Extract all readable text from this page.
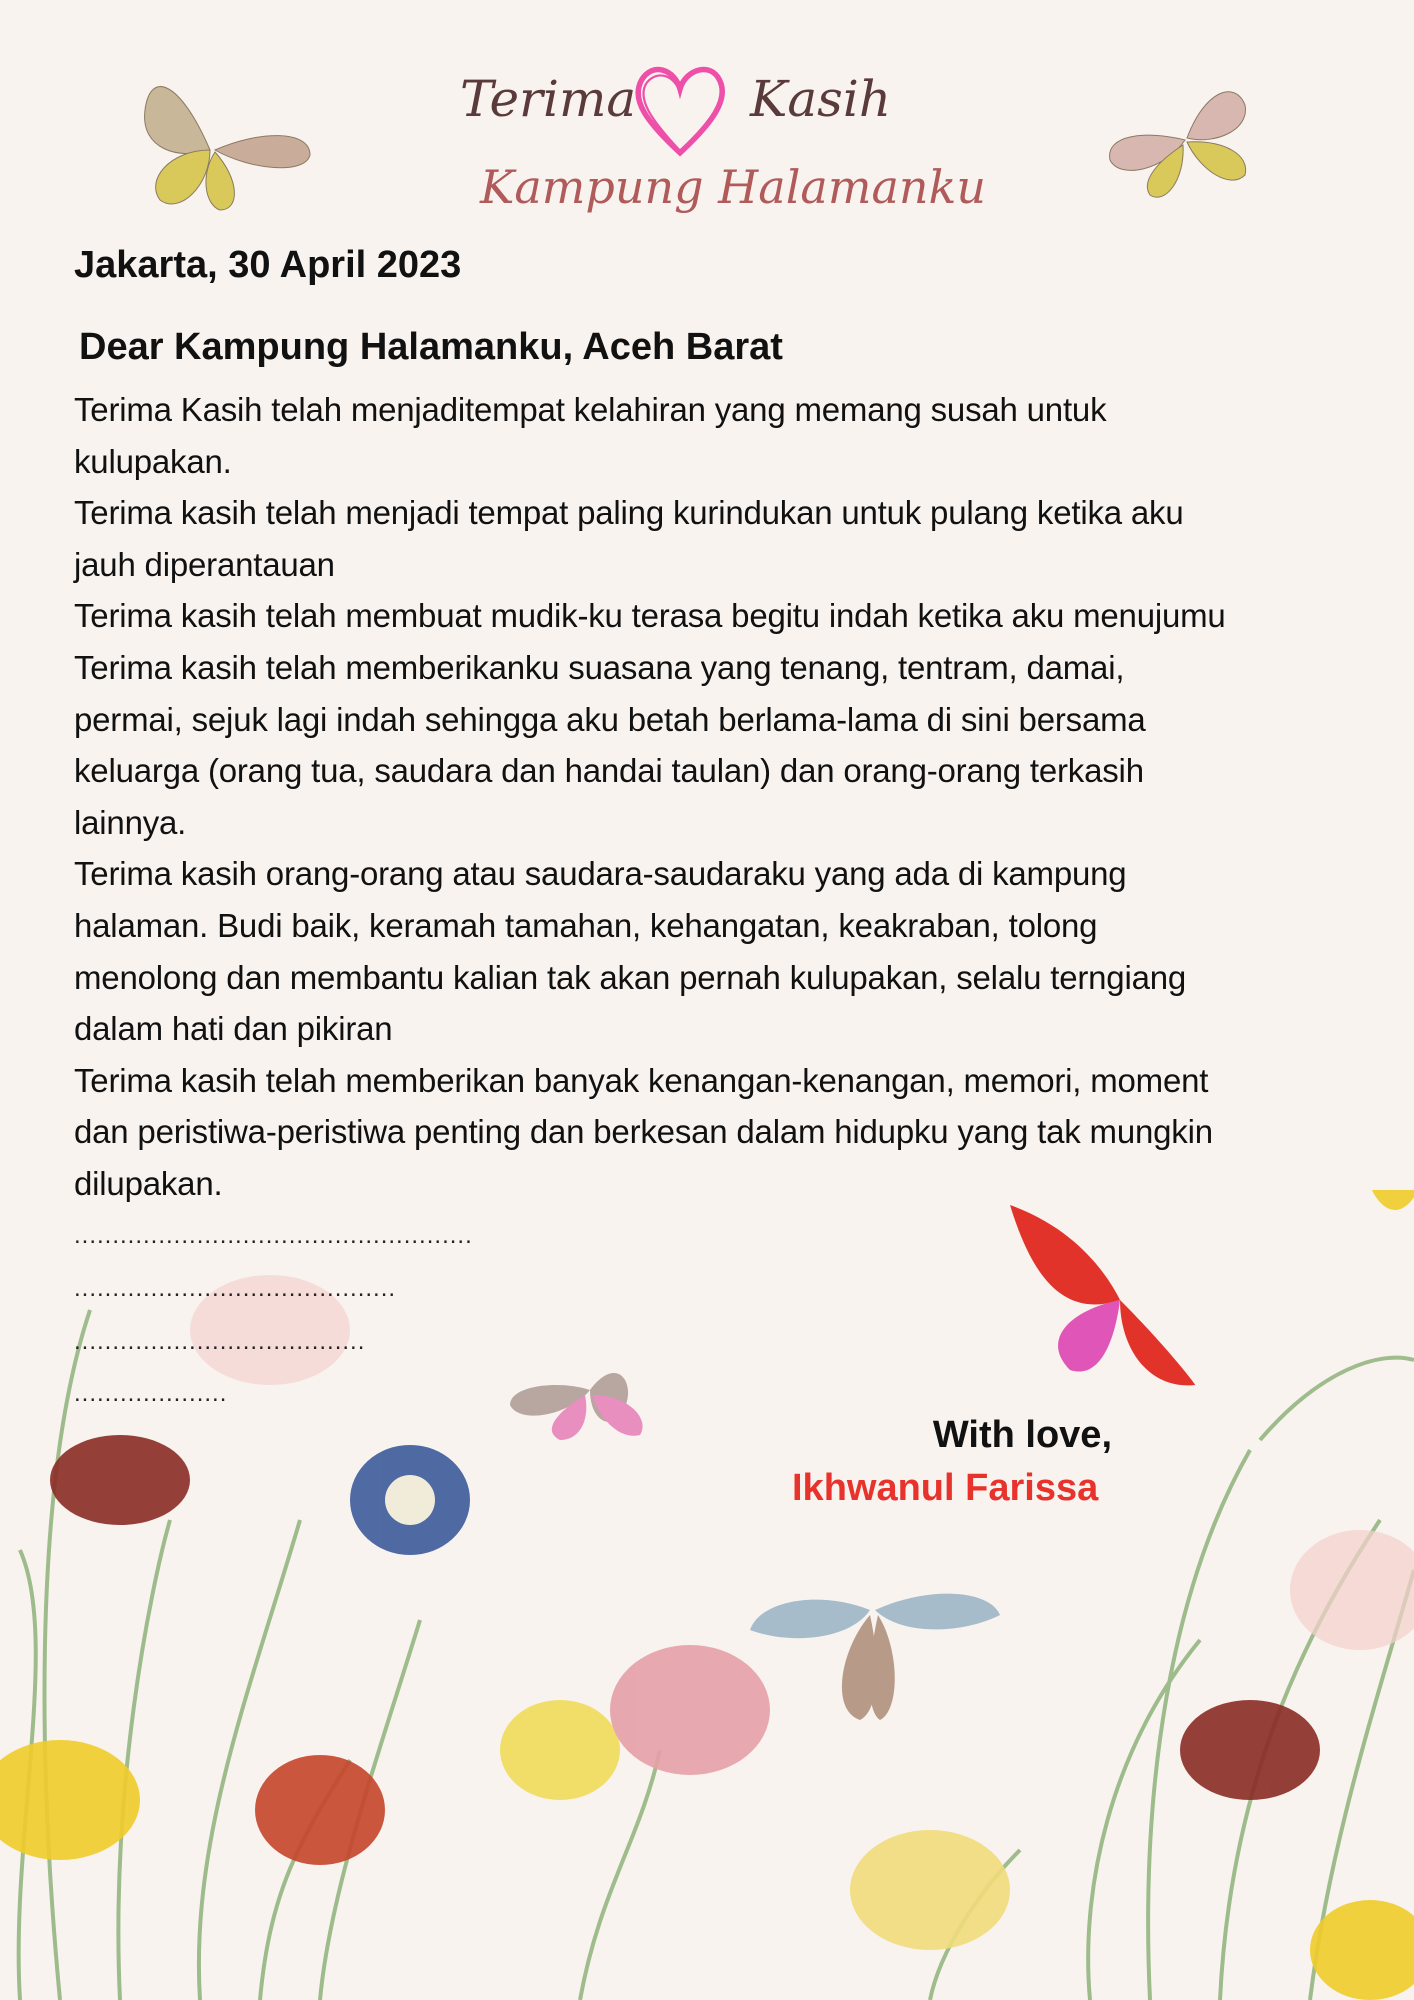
Terima Kasih
Kampung Halamanku
Jakarta, 30 April 2023
Dear Kampung Halamanku, Aceh Barat
Terima Kasih telah menjaditempat kelahiran yang memang susah untuk
kulupakan.
Terima kasih telah menjadi tempat paling kurindukan untuk pulang ketika aku
jauh diperantauan
Terima kasih telah membuat mudik-ku terasa begitu indah ketika aku menujumu
Terima kasih telah memberikanku suasana yang tenang, tentram, damai,
permai, sejuk lagi indah sehingga aku betah berlama-lama di sini bersama
keluarga (orang tua, saudara dan handai taulan) dan orang-orang terkasih
lainnya.
Terima kasih orang-orang atau saudara-saudaraku yang ada di kampung
halaman. Budi baik, keramah tamahan, kehangatan, keakraban, tolong
menolong dan membantu kalian tak akan pernah kulupakan, selalu terngiang
dalam hati dan pikiran
Terima kasih telah memberikan banyak kenangan-kenangan, memori, moment
dan peristiwa-peristiwa penting dan berkesan dalam hidupku yang tak mungkin
dilupakan.
....................................................
..........................................
......................................
....................
With love,
Ikhwanul Farissa
